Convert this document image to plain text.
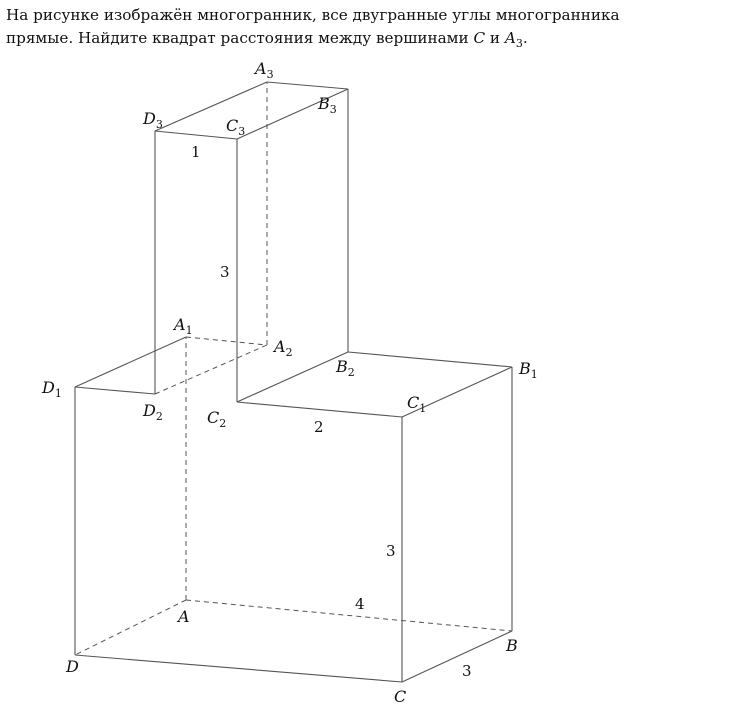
На рисунке изображён многогранник, все двугранные углы многогранника
прямые. Найдите квадрат расстояния между вершинами C и $A_3$.

$A_3$
$B_3$
$D_3$	$C_3$
$A_1$
$A_2$
$D_1$
$B_2$	$B_1$
$D_2$	$C_2$
$C_1$
A
B
D
C
1
3
2
3
4
3
